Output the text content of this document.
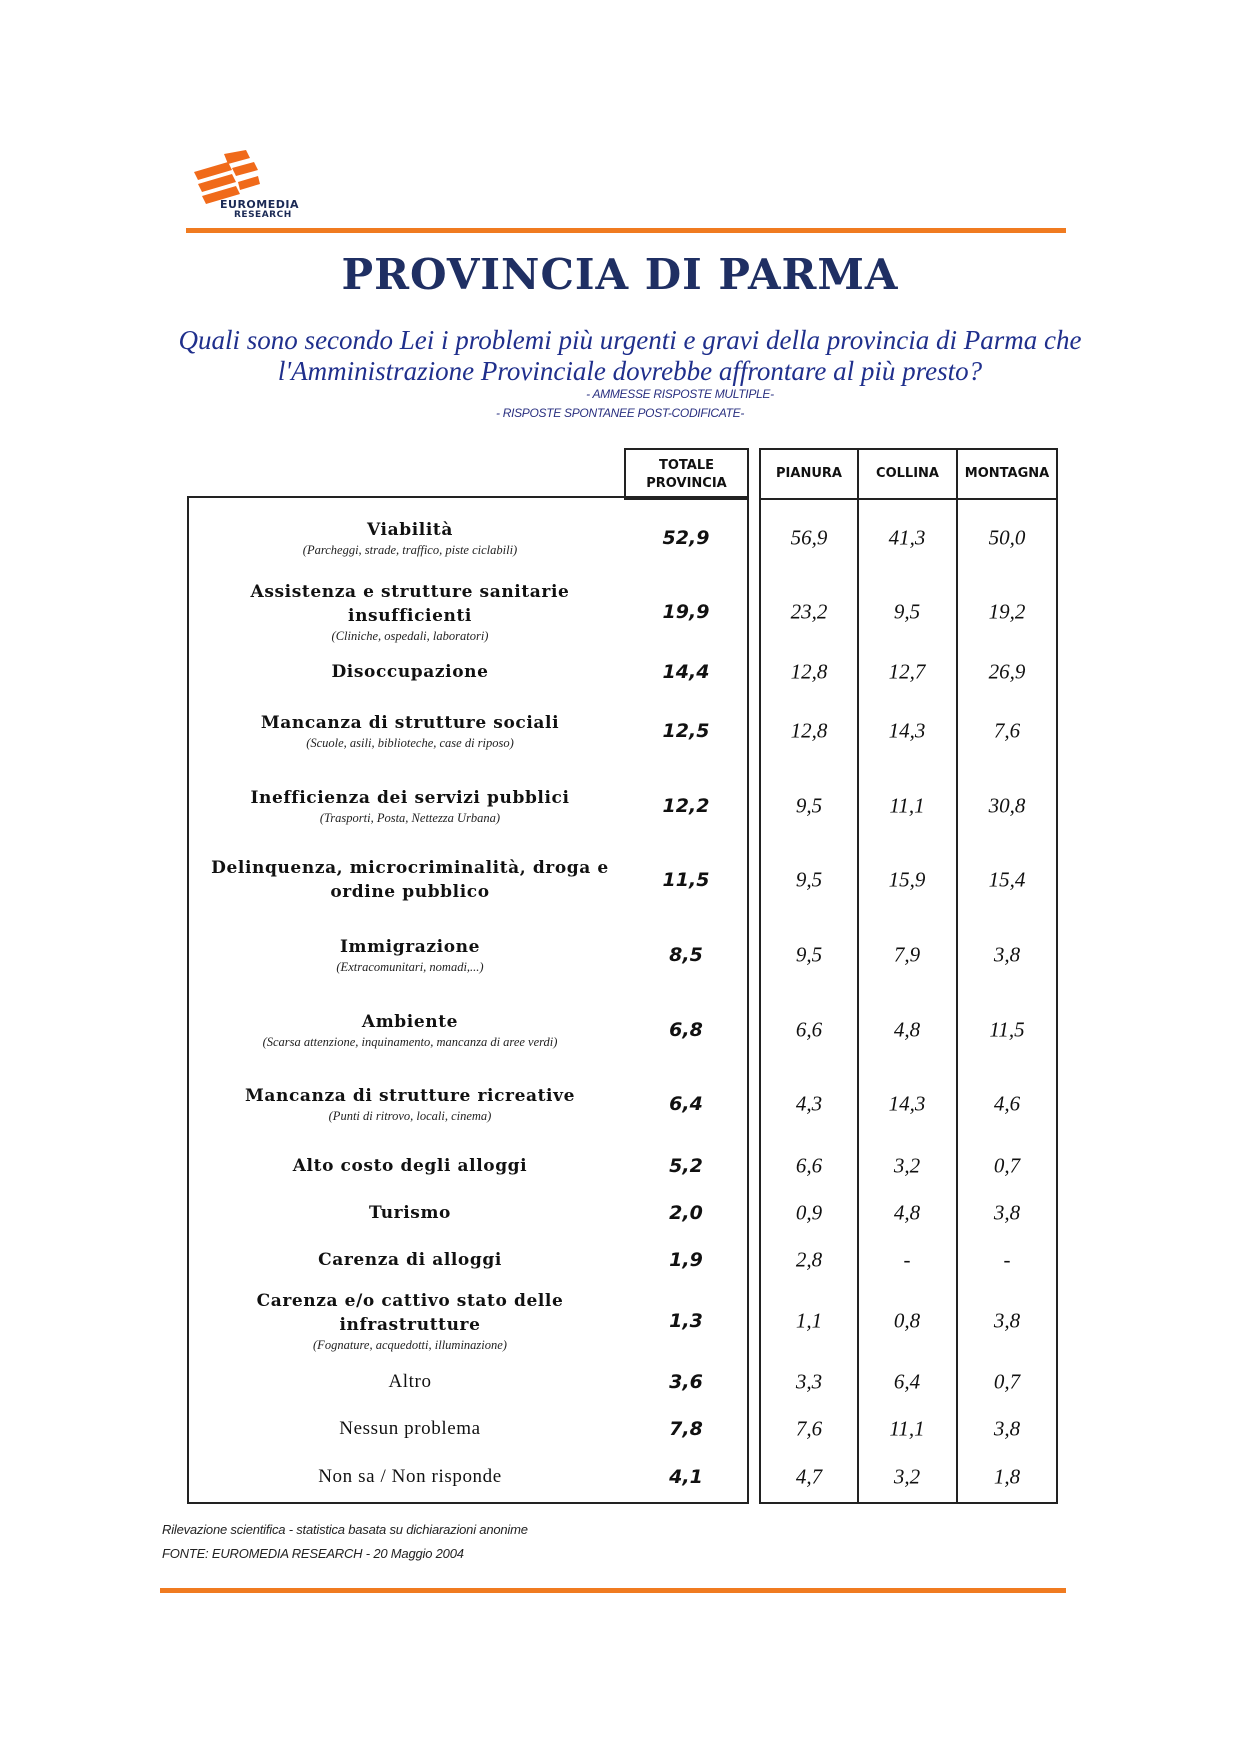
EUROMEDIA
RESEARCH
PROVINCIA DI PARMA
Quali sono secondo Lei i problemi più urgenti e gravi della provincia di Parma che l'Amministrazione Provinciale dovrebbe affrontare al più presto?
- AMMESSE RISPOSTE MULTIPLE-
- RISPOSTE SPONTANEE POST-CODIFICATE-
TOTALE
PROVINCIA
PIANURA	COLLINA	MONTAGNA
Viabilità
(Parcheggi, strade, traffico, piste ciclabili)
52,9	56,9	41,3	50,0
Assistenza e strutture sanitarie insufficienti
(Cliniche, ospedali, laboratori)
19,9	23,2	9,5	19,2
Disoccupazione	14,4	12,8	12,7	26,9
Mancanza di strutture sociali
(Scuole, asili, biblioteche, case di riposo)
12,5	12,8	14,3	7,6
Inefficienza dei servizi pubblici
(Trasporti, Posta, Nettezza Urbana)
12,2	9,5	11,1	30,8
Delinquenza, microcriminalità, droga e ordine pubblico
11,5	9,5	15,9	15,4
Immigrazione
(Extracomunitari, nomadi,...)
8,5	9,5	7,9	3,8
Ambiente
(Scarsa attenzione, inquinamento, mancanza di aree verdi)
6,8	6,6	4,8	11,5
Mancanza di strutture ricreative
(Punti di ritrovo, locali, cinema)
6,4	4,3	14,3	4,6
Alto costo degli alloggi	5,2	6,6	3,2	0,7
Turismo	2,0	0,9	4,8	3,8
Carenza di alloggi	1,9	2,8	-	-
Carenza e/o cattivo stato delle infrastrutture
(Fognature, acquedotti, illuminazione)
1,3	1,1	0,8	3,8
Altro	3,6	3,3	6,4	0,7
Nessun problema	7,8	7,6	11,1	3,8
Non sa / Non risponde	4,1	4,7	3,2	1,8
Rilevazione scientifica - statistica basata su dichiarazioni anonime
FONTE: EUROMEDIA RESEARCH - 20 Maggio 2004
